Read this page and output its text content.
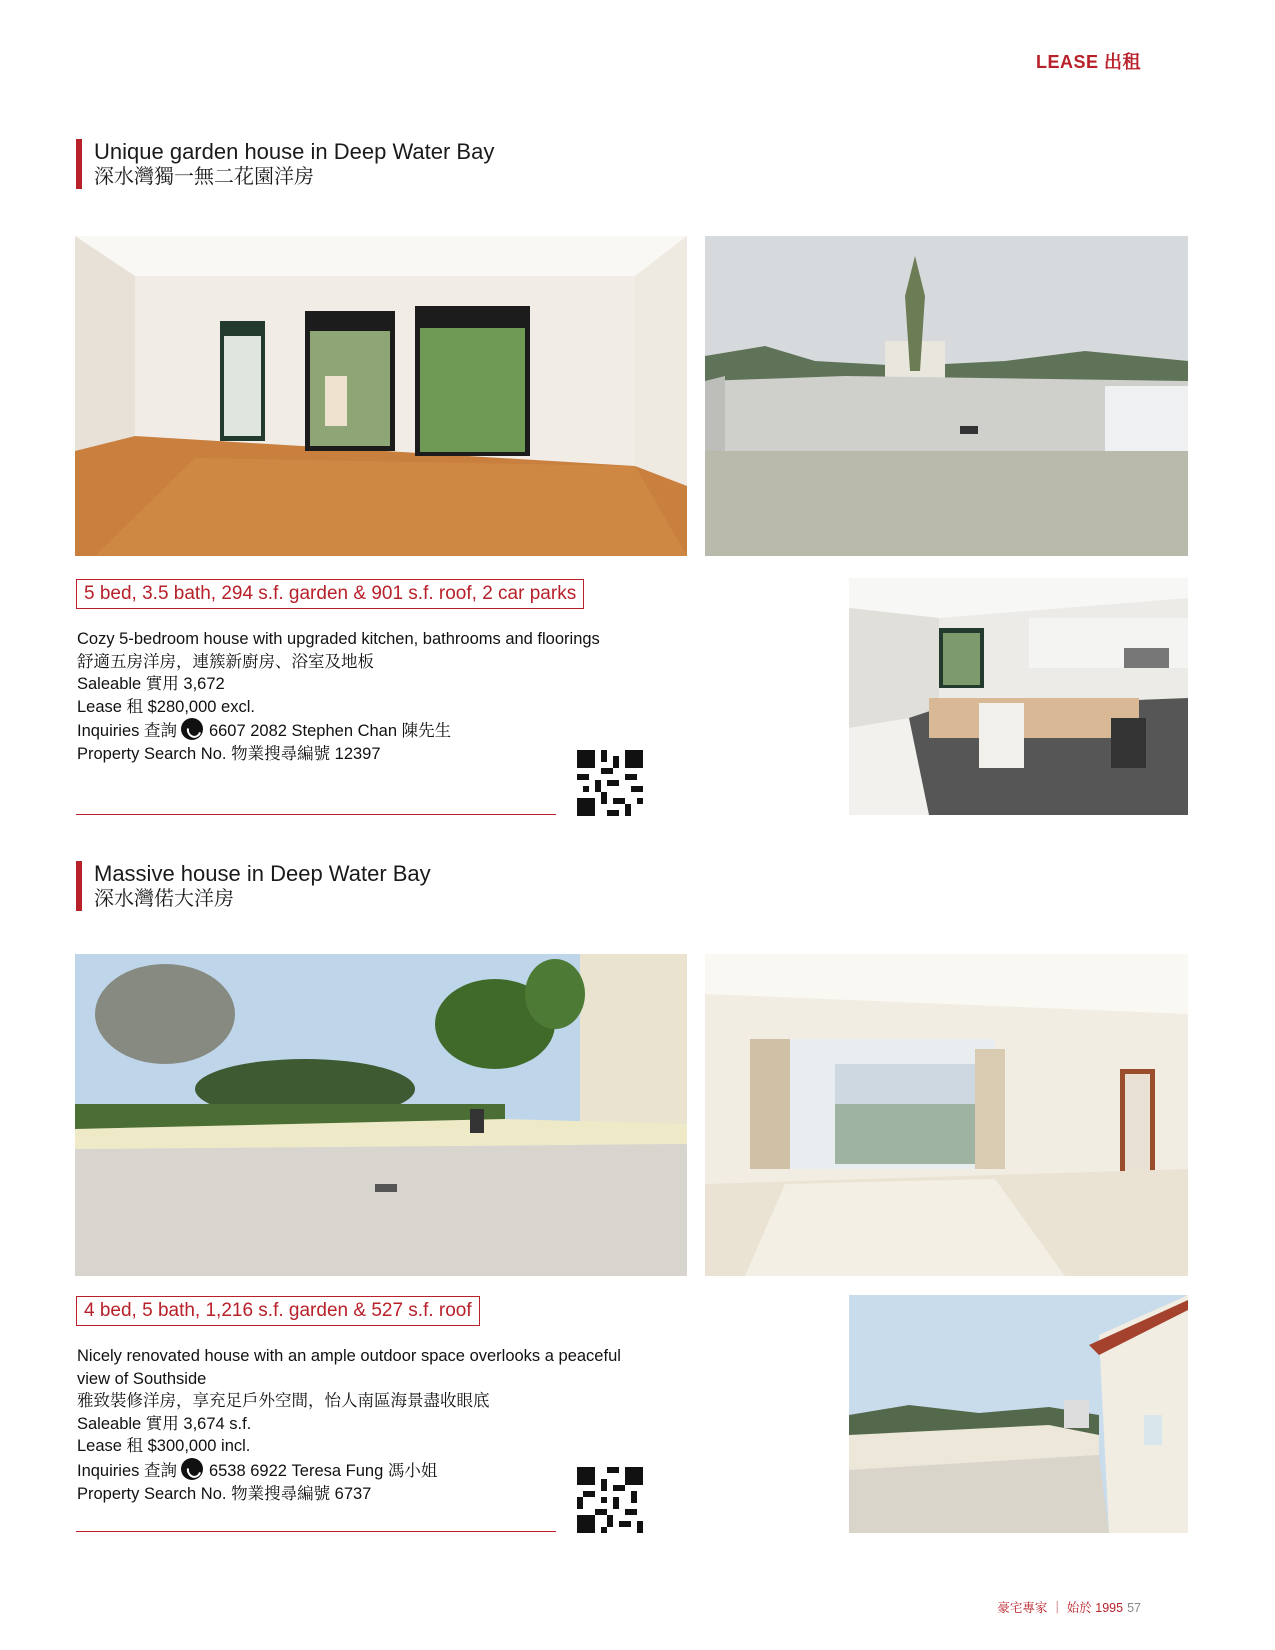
LEASE 出租
Unique garden house in Deep Water Bay
深水灣獨一無二花園洋房
5 bed, 3.5 bath, 294 s.f. garden & 901 s.f. roof, 2 car parks
Cozy 5-bedroom house with upgraded kitchen, bathrooms and floorings
舒適五房洋房，連簇新廚房、浴室及地板
Saleable 實用 3,672
Lease 租 $280,000 excl.
Inquiries 查詢 6607 2082 Stephen Chan 陳先生
Property Search No. 物業搜尋編號 12397
Massive house in Deep Water Bay
深水灣偌大洋房
4 bed, 5 bath, 1,216 s.f. garden & 527 s.f. roof
Nicely renovated house with an ample outdoor space overlooks a peaceful
view of Southside
雅致裝修洋房，享充足戶外空間，怡人南區海景盡收眼底
Saleable 實用 3,674 s.f.
Lease 租 $300,000 incl.
Inquiries 查詢 6538 6922 Teresa Fung 馮小姐
Property Search No. 物業搜尋編號 6737
豪宅專家 ｜ 始於 1995 57
